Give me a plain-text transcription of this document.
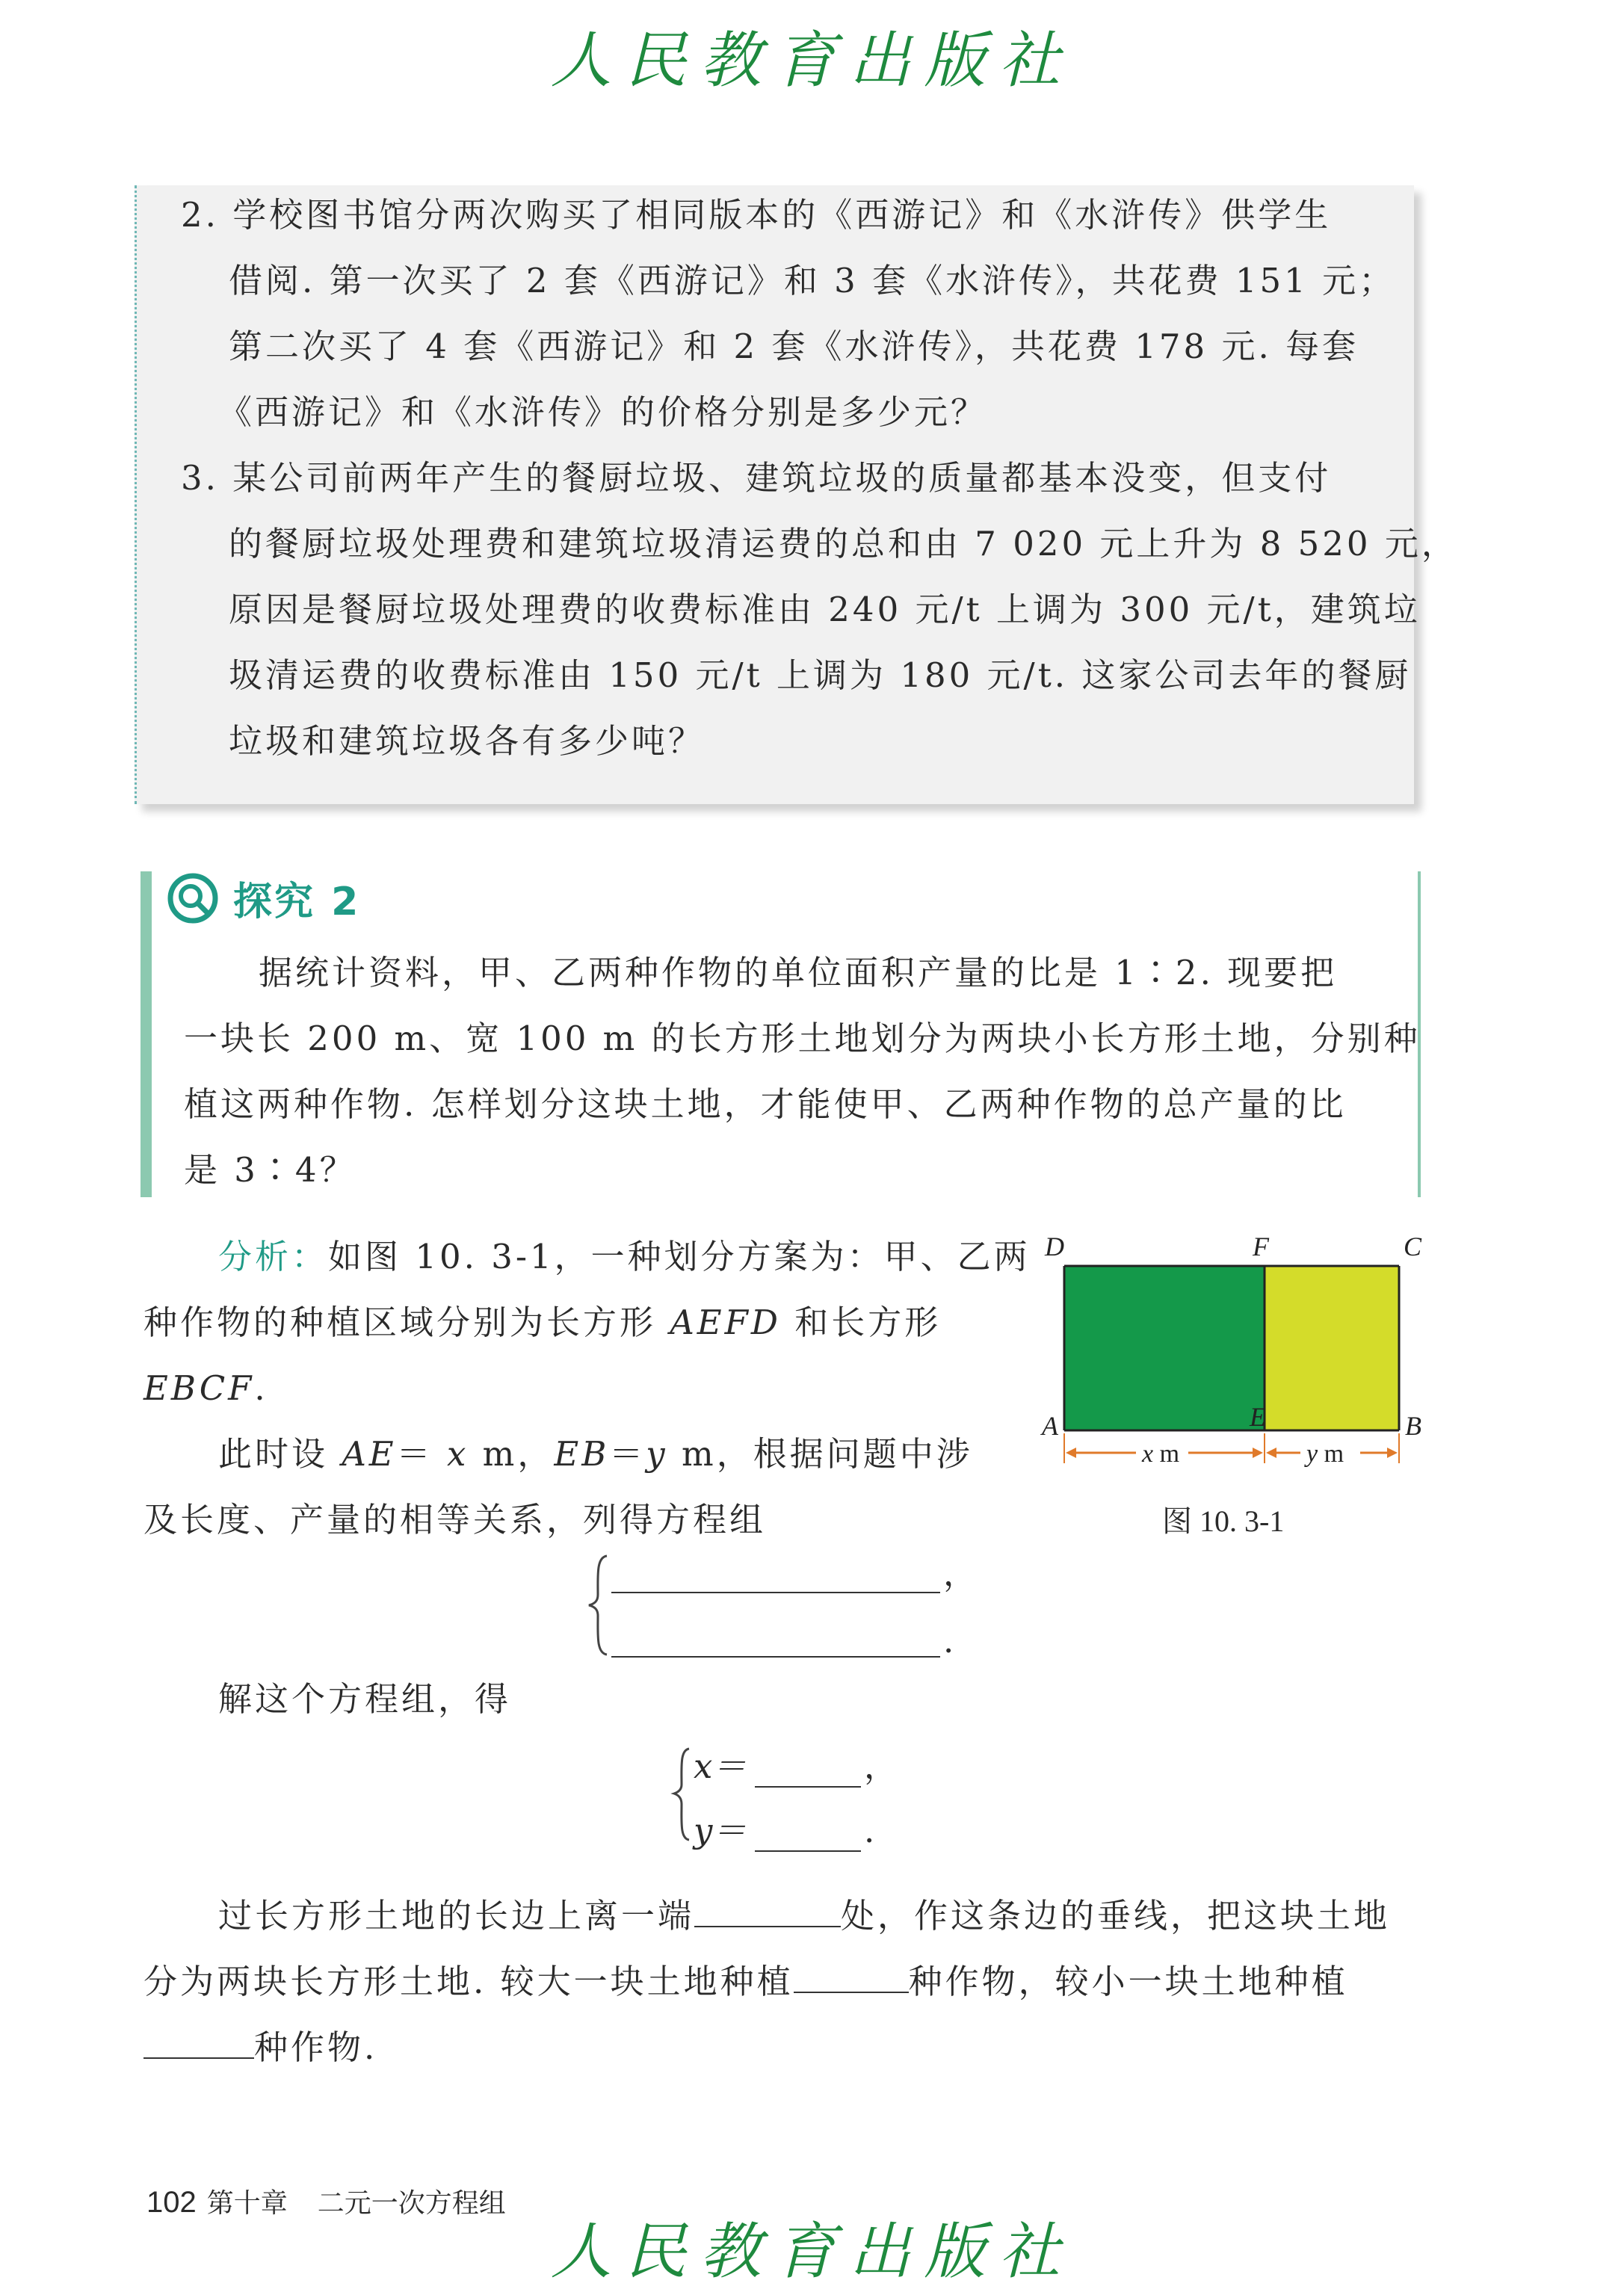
人民教育出版社
2. 学校图书馆分两次购买了相同版本的《西游记》和《水浒传》供学生
借阅. 第一次买了 2 套《西游记》和 3 套《水浒传》，共花费 151 元；
第二次买了 4 套《西游记》和 2 套《水浒传》，共花费 178 元. 每套
《西游记》和《水浒传》的价格分别是多少元？
3. 某公司前两年产生的餐厨垃圾、建筑垃圾的质量都基本没变，但支付
的餐厨垃圾处理费和建筑垃圾清运费的总和由 7 020 元上升为 8 520 元，
原因是餐厨垃圾处理费的收费标准由 240 元/t 上调为 300 元/t，建筑垃
圾清运费的收费标准由 150 元/t 上调为 180 元/t. 这家公司去年的餐厨
垃圾和建筑垃圾各有多少吨？
探究 2
据统计资料，甲、乙两种作物的单位面积产量的比是 1∶2. 现要把
一块长 200 m、宽 100 m 的长方形土地划分为两块小长方形土地，分别种
植这两种作物. 怎样划分这块土地，才能使甲、乙两种作物的总产量的比
是 3∶4？
分析：如图 10. 3-1，一种划分方案为：甲、乙两
种作物的种植区域分别为长方形 AEFD 和长方形
EBCF.
此时设 AE＝ x m，EB＝y m，根据问题中涉
及长度、产量的相等关系，列得方程组
D	F	C
A	E	B
x m	y m
图 10. 3-1
，
.
解这个方程组，得
x＝	，
y＝	.
过长方形土地的长边上离一端	处，作这条边的垂线，把这块土地
分为两块长方形土地. 较大一块土地种植	种作物，较小一块土地种植
种作物.
102 第十章 二元一次方程组
人民教育出版社
